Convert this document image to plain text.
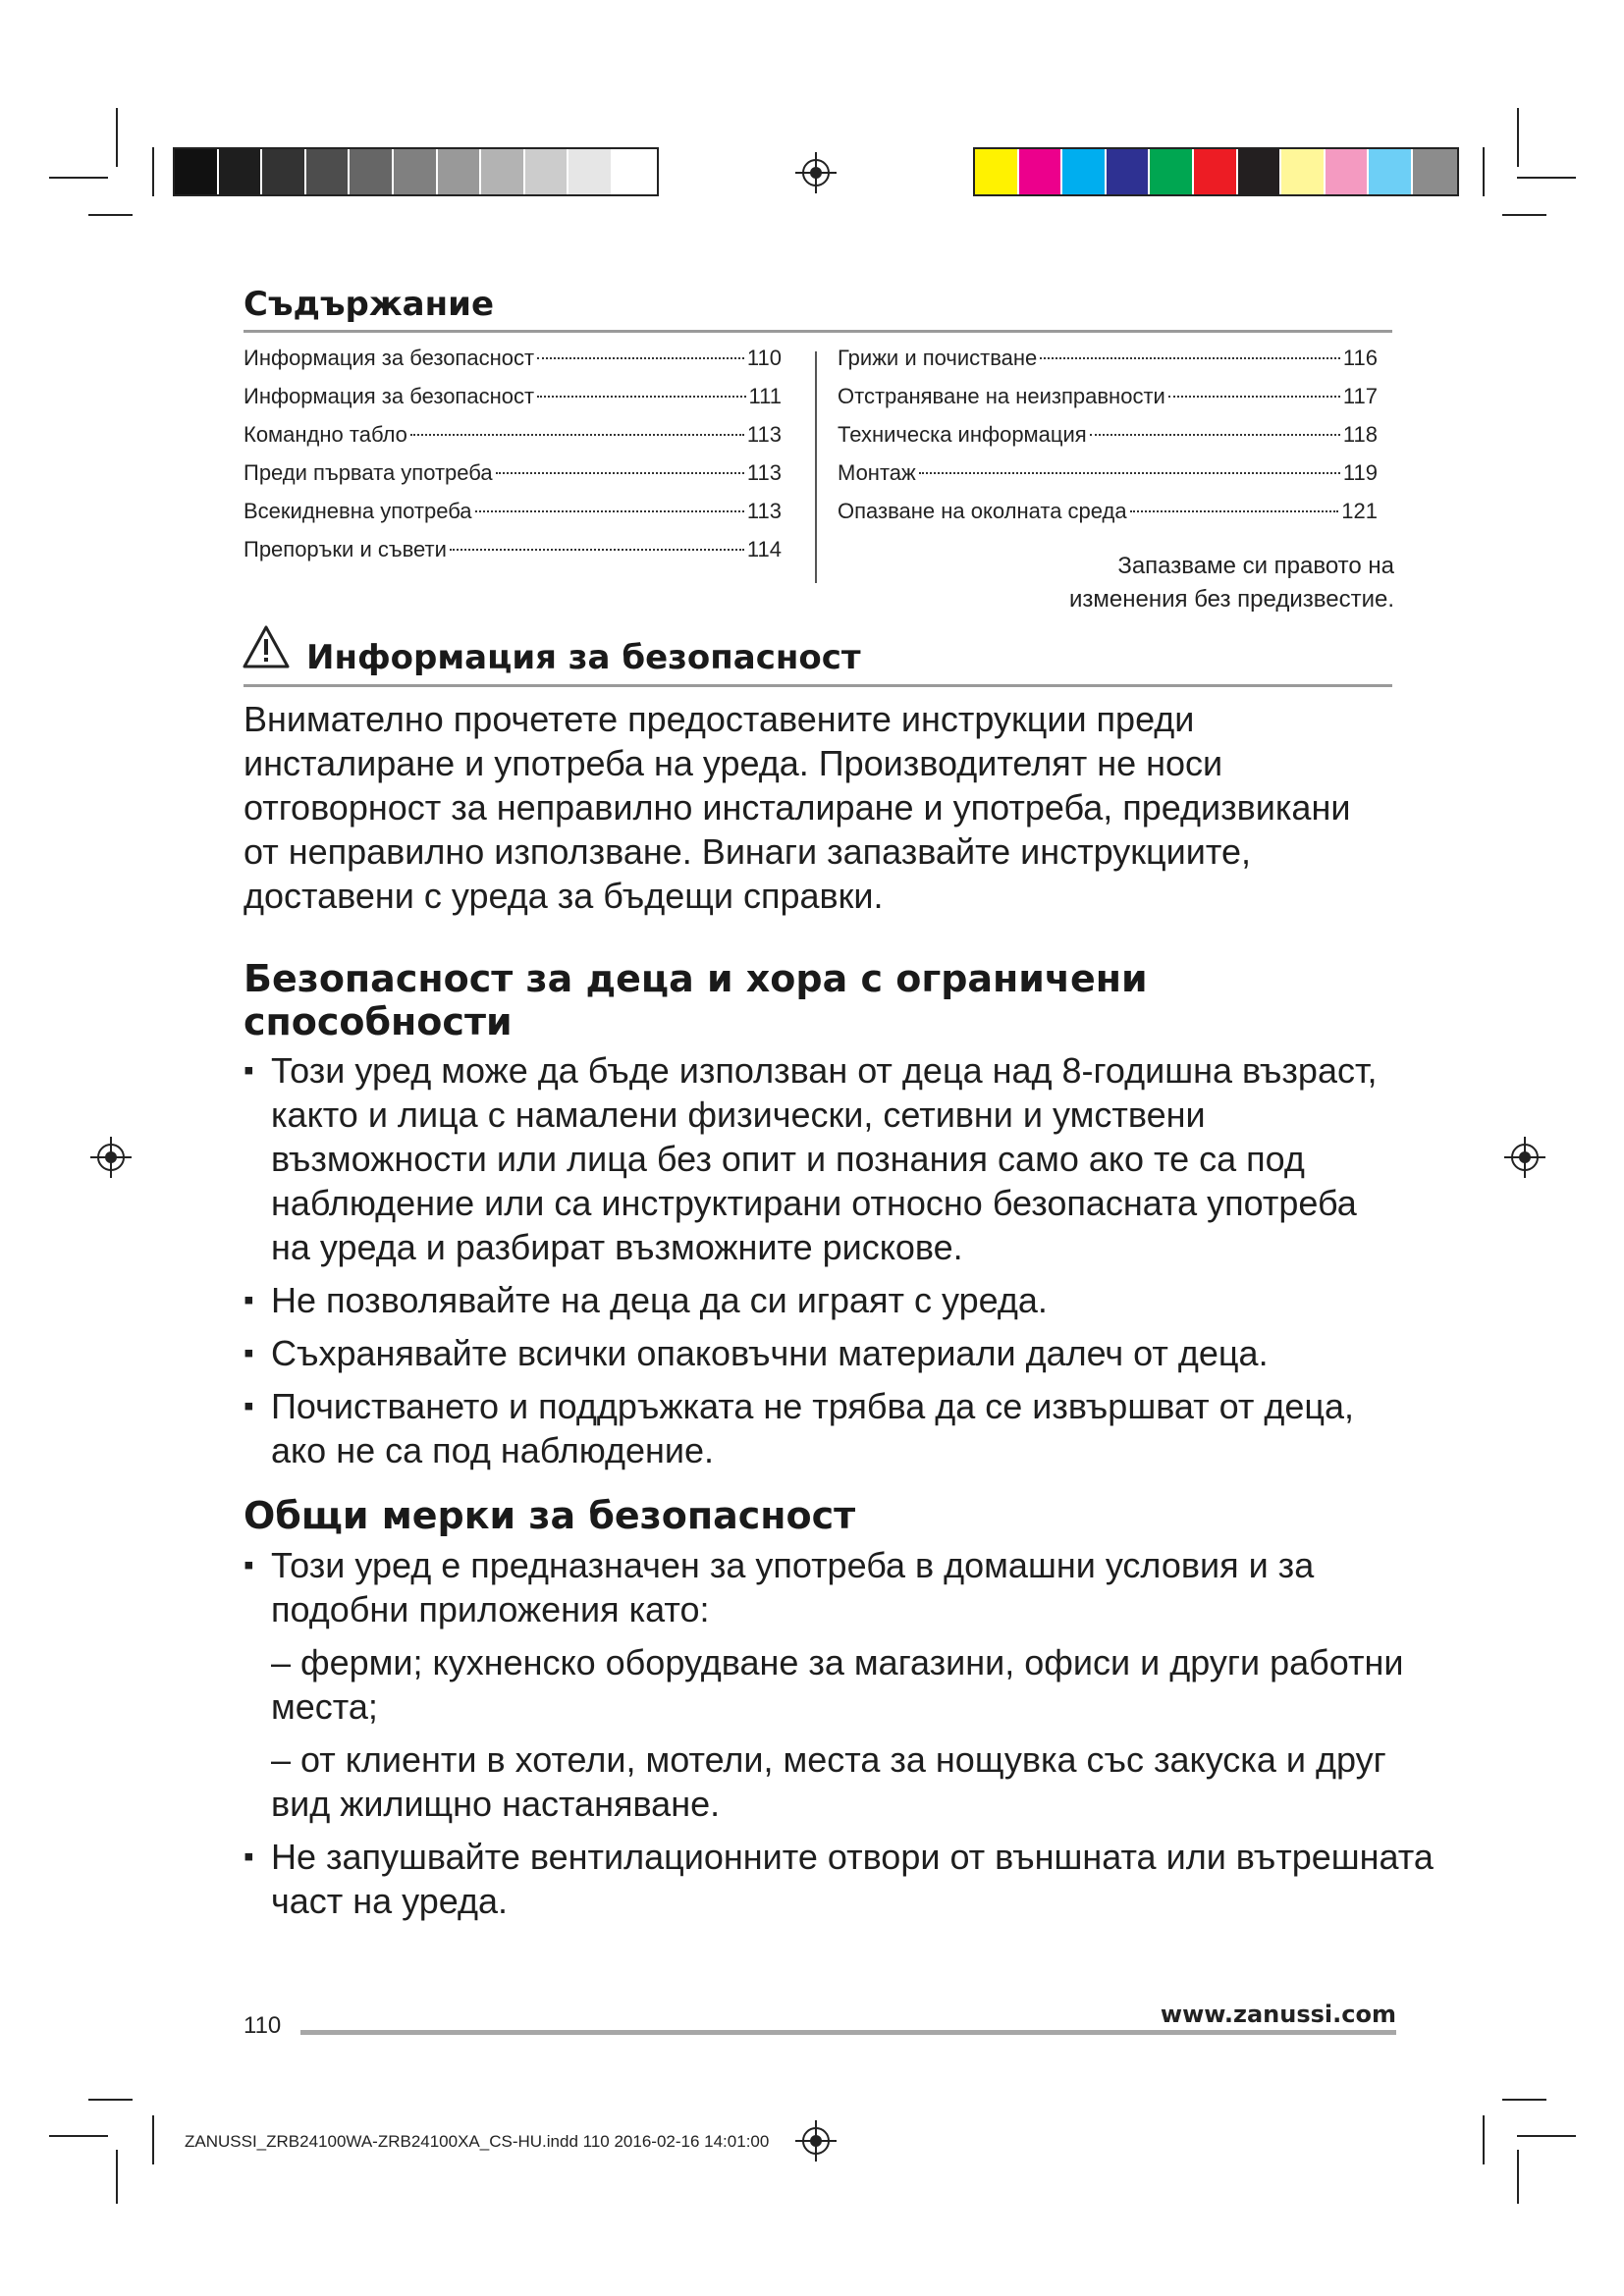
Съдържание
Информация за безопасност	110
Информация за безопасност	111
Командно табло	113
Преди първата употреба	113
Всекидневна употреба	113
Препоръки и съвети	114
Грижи и почистване	116
Отстраняване на неизправности	117
Техническа информация	118
Монтаж	119
Опазване на околната среда	121
Запазваме си правото на
изменения без предизвестие.
Информация за безопасност
Внимателно прочетете предоставените инструкции преди инсталиране и употреба на уреда. Производителят не носи отговорност за неправилно инсталиране и употреба, предизвикани от неправилно използване. Винаги запазвайте инструкциите, доставени с уреда за бъдещи справки.
Безопасност за деца и хора с ограничени
способности
▪ Този уред може да бъде използван от деца над 8-годишна възраст, както и лица с намалени физически, сетивни и умствени възможности или лица без опит и познания само ако те са под наблюдение или са инструктирани относно безопасната употреба на уреда и разбират възможните рискове.
▪ Не позволявайте на деца да си играят с уреда.
▪ Съхранявайте всички опаковъчни материали далеч от деца.
▪ Почистването и поддръжката не трябва да се извършват от деца, ако не са под наблюдение.
Общи мерки за безопасност
▪ Този уред е предназначен за употреба в домашни условия и за подобни приложения като:
– ферми; кухненско оборудване за магазини, офиси и други работни места;
– от клиенти в хотели, мотели, места за нощувка със закуска и друг вид жилищно настаняване.
▪ Не запушвайте вентилационните отвори от външната или вътрешната част на уреда.
110	www.zanussi.com
ZANUSSI_ZRB24100WA-ZRB24100XA_CS-HU.indd 110 2016-02-16 14:01:00
